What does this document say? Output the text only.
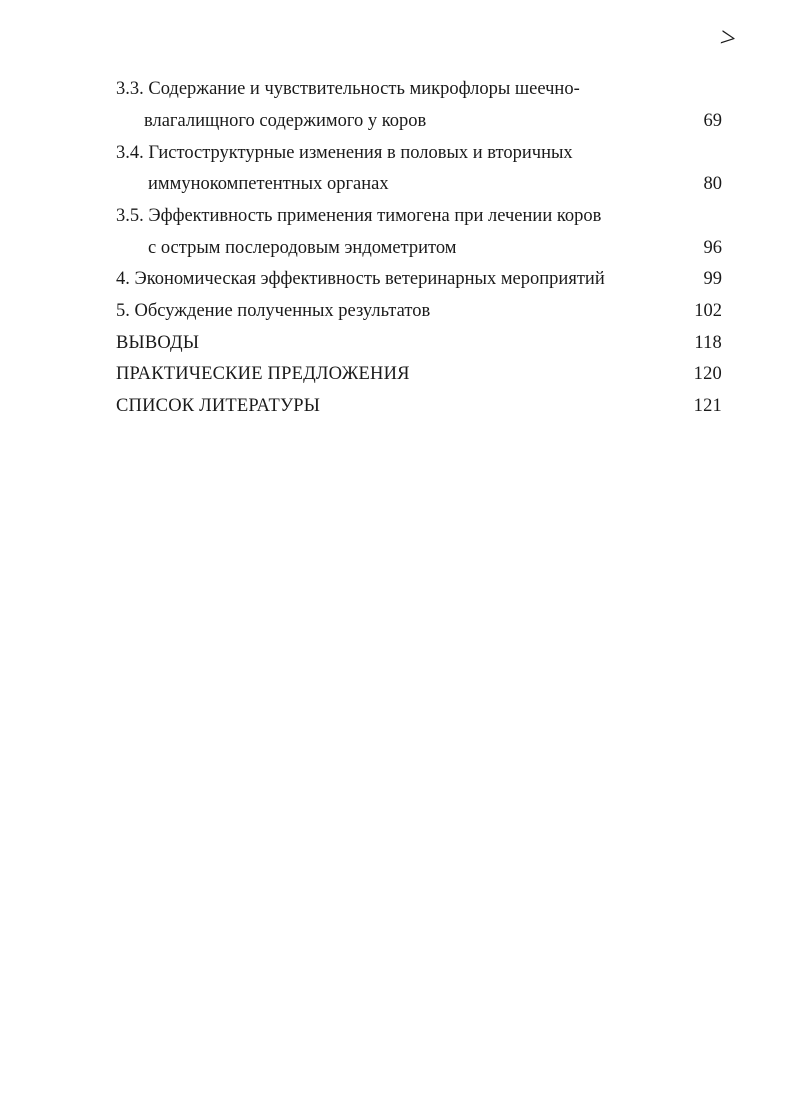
>
3.3. Содержание и чувствительность микрофлоры шеечно-
влагалищного содержимого у коров	69
3.4. Гистоструктурные изменения в половых и вторичных
иммунокомпетентных органах	80
3.5. Эффективность применения тимогена при лечении коров
с острым послеродовым эндометритом	96
4. Экономическая эффективность ветеринарных мероприятий	99
5. Обсуждение полученных результатов	102
ВЫВОДЫ	118
ПРАКТИЧЕСКИЕ ПРЕДЛОЖЕНИЯ	120
СПИСОК ЛИТЕРАТУРЫ	121
